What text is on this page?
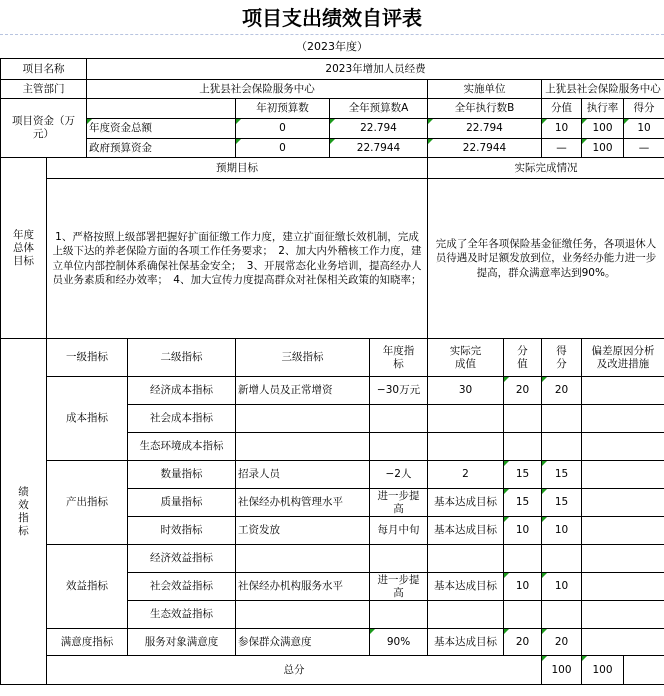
项目支出绩效自评表
（2023年度）
项目名称		2023年增加人员经费									
主管部门		上犹县社会保险服务中心					实施单位		上犹县社会保险服务中心		
项目资金（万元）				年初预算数	全年预算数A		全年执行数B		分值	执行率	得分
		年度资金总额		0	22.794		22.794		10	100	10
		政府预算资金		0	22.7944		22.7944		—	100	—
年度总体目标	预期目标						实际完成情况				
	1、严格按照上级部署把握好扩面征缴工作力度，建立扩面征缴长效机制，完成上级下达的养老保险方面的各项工作任务要求；　2、加大内外稽核工作力度，建立单位内部控制体系确保社保基金安全；　3、开展常态化业务培训，提高经办人员业务素质和经办效率；　4、加大宣传力度提高群众对社保相关政策的知晓率；						完成了全年各项保险基金征缴任务，各项退休人员待遇及时足额发放到位，业务经办能力进一步提高，群众满意率达到90%。				
绩效指标	一级指标		二级指标	三级指标		年度指标	实际完成值	分值	得分	偏差原因分析及改进措施	
	成本指标		经济成本指标	新增人员及正常增资		−30万元	30	20	20		
			社会成本指标								
			生态环境成本指标								
	产出指标		数量指标	招录人员		−2人	2	15	15		
			质量指标	社保经办机构管理水平		进一步提高	基本达成目标	15	15		
			时效指标	工资发放		每月中旬	基本达成目标	10	10		
	效益指标		经济效益指标								
			社会效益指标	社保经办机构服务水平		进一步提高	基本达成目标	10	10		
			生态效益指标								
	满意度指标		服务对象满意度	参保群众满意度		90%	基本达成目标	20	20		
	总分								100	100	
